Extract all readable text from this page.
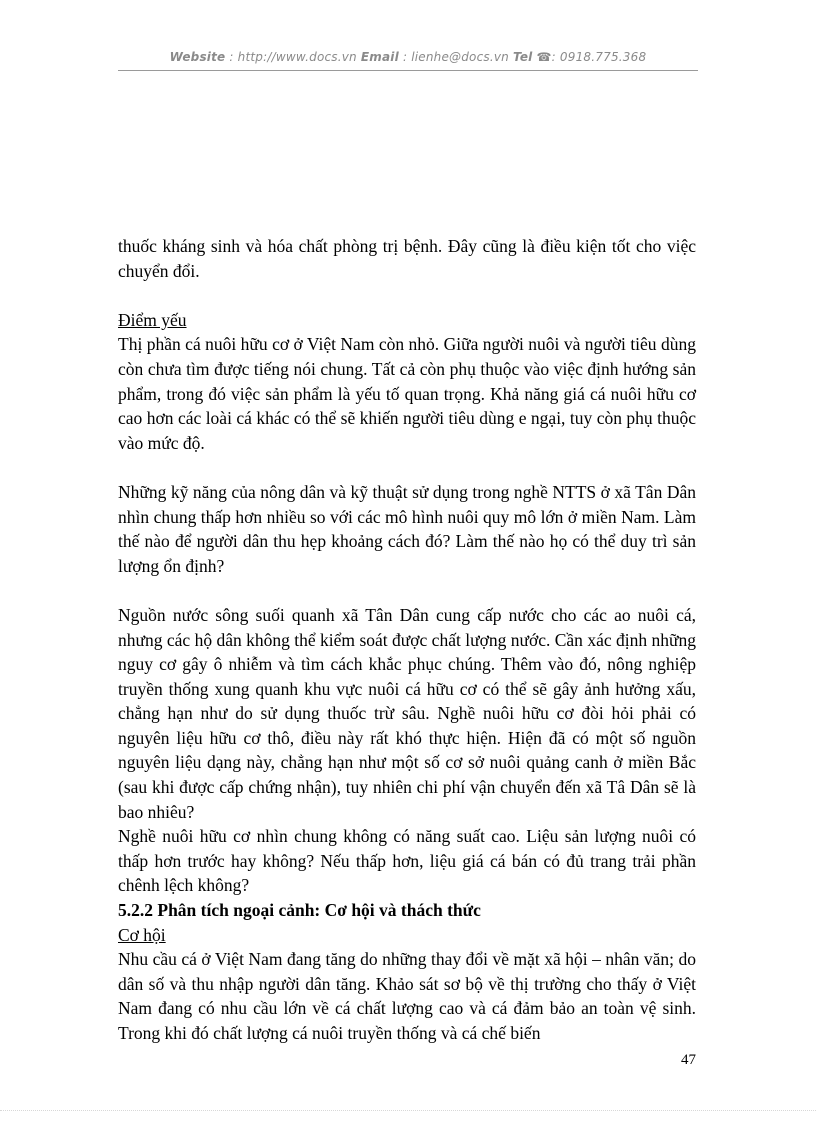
Website : http://www.docs.vn Email : lienhe@docs.vn Tel ☎: 0918.775.368

thuốc kháng sinh và hóa chất phòng trị bệnh. Đây cũng là điều kiện tốt cho việc chuyển đổi.

Điểm yếu

Thị phần cá nuôi hữu cơ ở Việt Nam còn nhỏ. Giữa người nuôi và người tiêu dùng còn chưa tìm được tiếng nói chung. Tất cả còn phụ thuộc vào việc định hướng sản phẩm, trong đó việc sản phẩm là yếu tố quan trọng. Khả năng giá cá nuôi hữu cơ cao hơn các loài cá khác có thể sẽ khiến người tiêu dùng e ngại, tuy còn phụ thuộc vào mức độ.

Những kỹ năng của nông dân và kỹ thuật sử dụng trong nghề NTTS ở xã Tân Dân nhìn chung thấp hơn nhiều so với các mô hình nuôi quy mô lớn ở miền Nam. Làm thế nào để người dân thu hẹp khoảng cách đó? Làm thế nào họ có thể duy trì sản lượng ổn định?

Nguồn nước sông suối quanh xã Tân Dân cung cấp nước cho các ao nuôi cá, nhưng các hộ dân không thể kiểm soát được chất lượng nước. Cần xác định những nguy cơ gây ô nhiễm và tìm cách khắc phục chúng. Thêm vào đó, nông nghiệp truyền thống xung quanh khu vực nuôi cá hữu cơ có thể sẽ gây ảnh hưởng xấu, chẳng hạn như do sử dụng thuốc trừ sâu. Nghề nuôi hữu cơ đòi hỏi phải có nguyên liệu hữu cơ thô, điều này rất khó thực hiện. Hiện đã có một số nguồn nguyên liệu dạng này, chẳng hạn như một số cơ sở nuôi quảng canh ở miền Bắc (sau khi được cấp chứng nhận), tuy nhiên chi phí vận chuyển đến xã Tâ Dân sẽ là bao nhiêu?

Nghề nuôi hữu cơ nhìn chung không có năng suất cao. Liệu sản lượng nuôi có thấp hơn trước hay không? Nếu thấp hơn, liệu giá cá bán có đủ trang trải phần chênh lệch không?

5.2.2 Phân tích ngoại cảnh: Cơ hội và thách thức

Cơ hội

Nhu cầu cá ở Việt Nam đang tăng do những thay đổi về mặt xã hội – nhân văn; do dân số và thu nhập người dân tăng. Khảo sát sơ bộ về thị trường cho thấy ở Việt Nam đang có nhu cầu lớn về cá chất lượng cao và cá đảm bảo an toàn vệ sinh. Trong khi đó chất lượng cá nuôi truyền thống và cá chế biến

47
